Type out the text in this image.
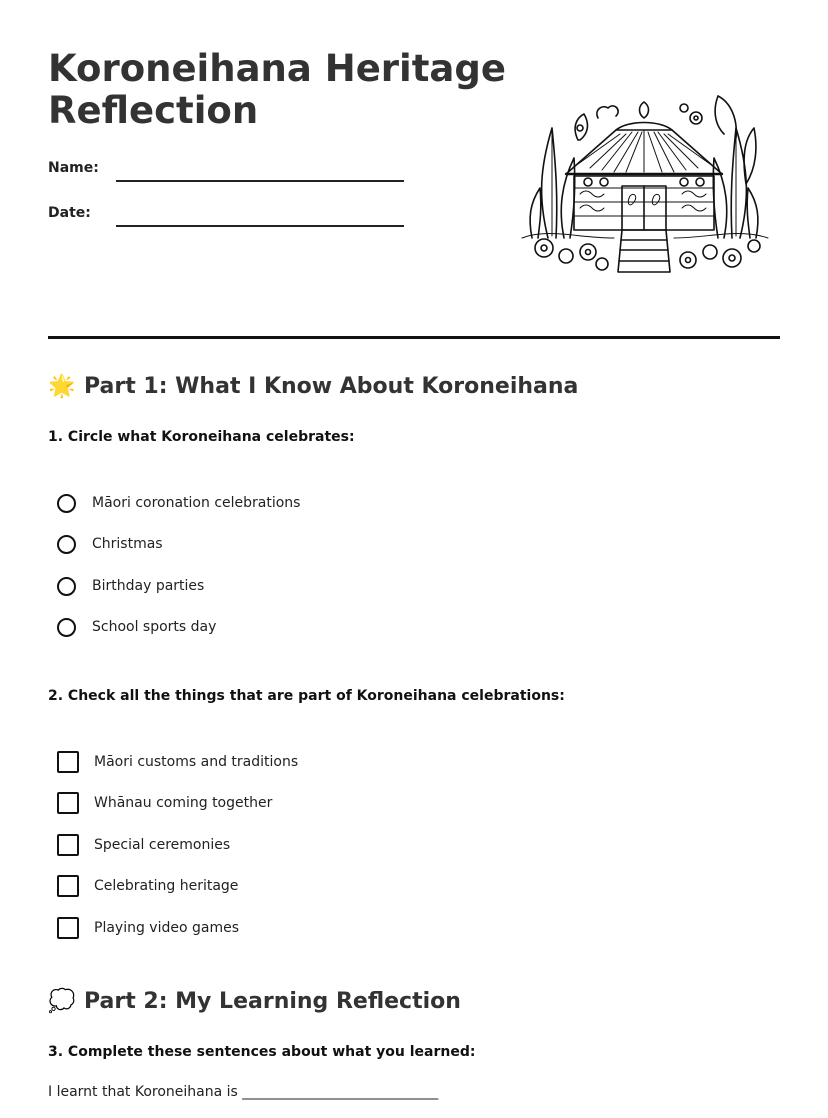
Koroneihana Heritage Reflection
Name:
Date:
🌟 Part 1: What I Know About Koroneihana
1. Circle what Koroneihana celebrates:
Māori coronation celebrations
Christmas
Birthday parties
School sports day
2. Check all the things that are part of Koroneihana celebrations:
Māori customs and traditions
Whānau coming together
Special ceremonies
Celebrating heritage
Playing video games
💭 Part 2: My Learning Reflection
3. Complete these sentences about what you learned:
I learnt that Koroneihana is ____________________________
